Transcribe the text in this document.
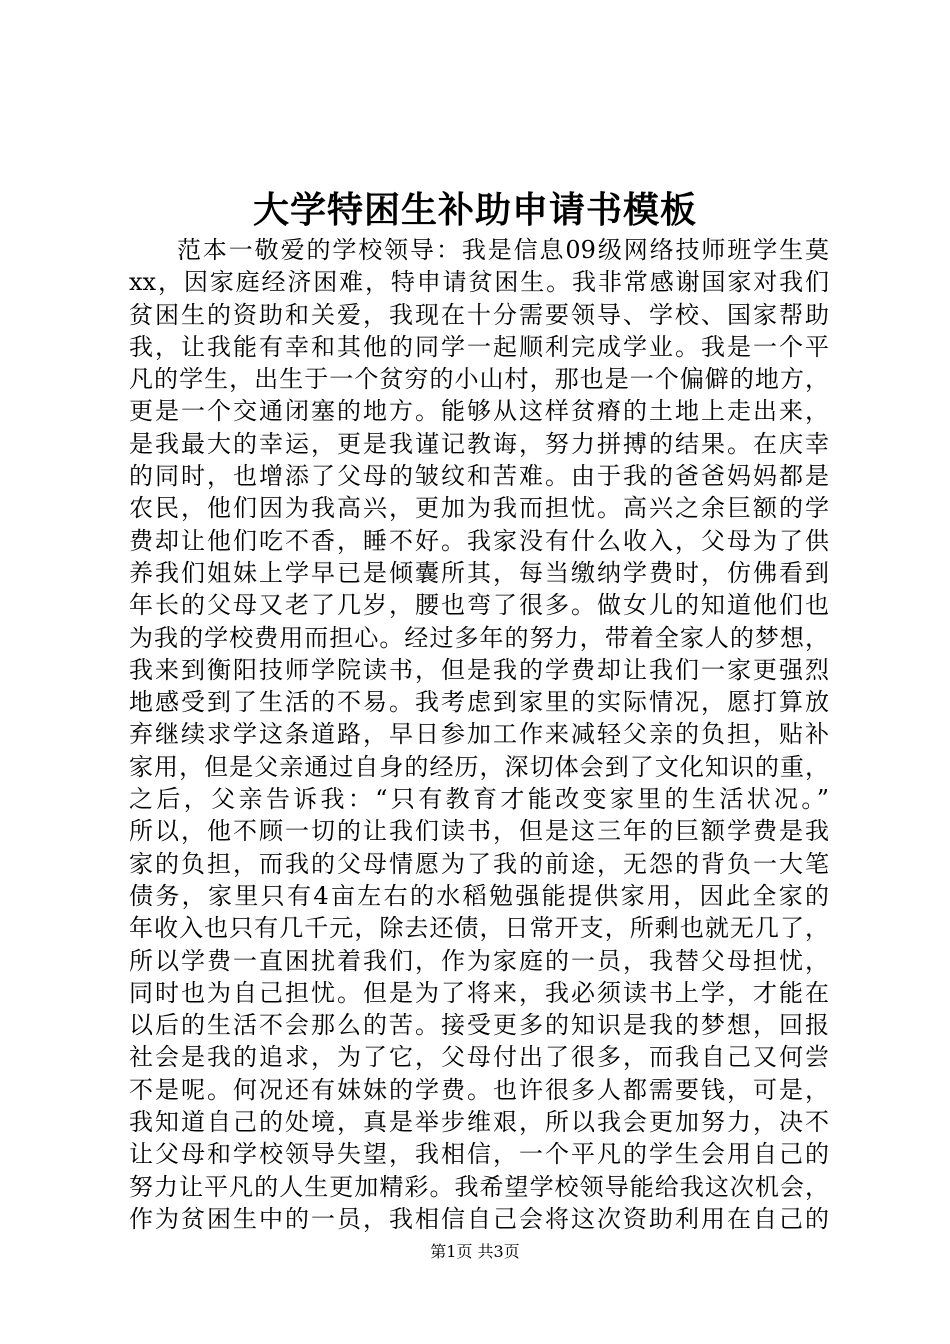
大学特困生补助申请书模板
范本一敬爱的学校领导：我是信息09级网络技师班学生莫
xx，因家庭经济困难，特申请贫困生。我非常感谢国家对我们
贫困生的资助和关爱，我现在十分需要领导、学校、国家帮助
我，让我能有幸和其他的同学一起顺利完成学业。我是一个平
凡的学生，出生于一个贫穷的小山村，那也是一个偏僻的地方，
更是一个交通闭塞的地方。能够从这样贫瘠的土地上走出来，
是我最大的幸运，更是我谨记教诲，努力拼搏的结果。在庆幸
的同时，也增添了父母的皱纹和苦难。由于我的爸爸妈妈都是
农民，他们因为我高兴，更加为我而担忧。高兴之余巨额的学
费却让他们吃不香，睡不好。我家没有什么收入，父母为了供
养我们姐妹上学早已是倾囊所其，每当缴纳学费时，仿佛看到
年长的父母又老了几岁，腰也弯了很多。做女儿的知道他们也
为我的学校费用而担心。经过多年的努力，带着全家人的梦想，
我来到衡阳技师学院读书，但是我的学费却让我们一家更强烈
地感受到了生活的不易。我考虑到家里的实际情况，愿打算放
弃继续求学这条道路，早日参加工作来减轻父亲的负担，贴补
家用，但是父亲通过自身的经历，深切体会到了文化知识的重，
之后，父亲告诉我：“只有教育才能改变家里的生活状况。”
所以，他不顾一切的让我们读书，但是这三年的巨额学费是我
家的负担，而我的父母情愿为了我的前途，无怨的背负一大笔
债务，家里只有4亩左右的水稻勉强能提供家用，因此全家的
年收入也只有几千元，除去还债，日常开支，所剩也就无几了，
所以学费一直困扰着我们，作为家庭的一员，我替父母担忧，
同时也为自己担忧。但是为了将来，我必须读书上学，才能在
以后的生活不会那么的苦。接受更多的知识是我的梦想，回报
社会是我的追求，为了它，父母付出了很多，而我自己又何尝
不是呢。何况还有妹妹的学费。也许很多人都需要钱，可是，
我知道自己的处境，真是举步维艰，所以我会更加努力，决不
让父母和学校领导失望，我相信，一个平凡的学生会用自己的
努力让平凡的人生更加精彩。我希望学校领导能给我这次机会，
作为贫困生中的一员，我相信自己会将这次资助利用在自己的
第1页 共3页
